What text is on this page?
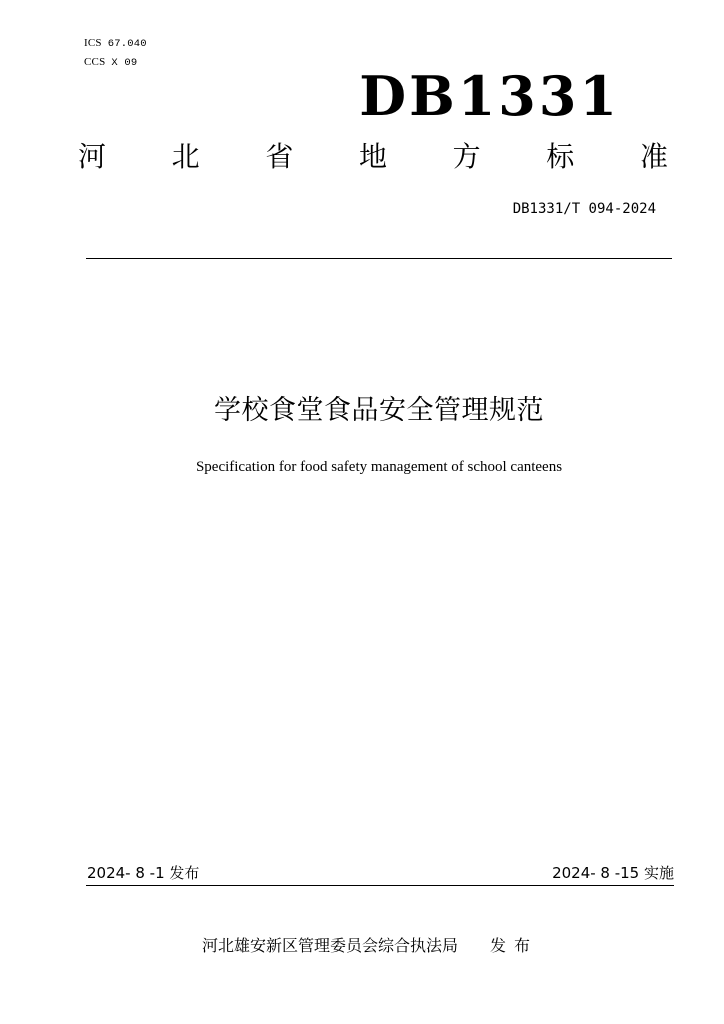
ICS 67.040
CCS X 09
DB1331
河 北 省 地 方 标 准
DB1331/T 094-2024
学校食堂食品安全管理规范
Specification for food safety management of school canteens
2024- 8 -1 发布	2024- 8 -15 实施
河北雄安新区管理委员会综合执法局 发布
